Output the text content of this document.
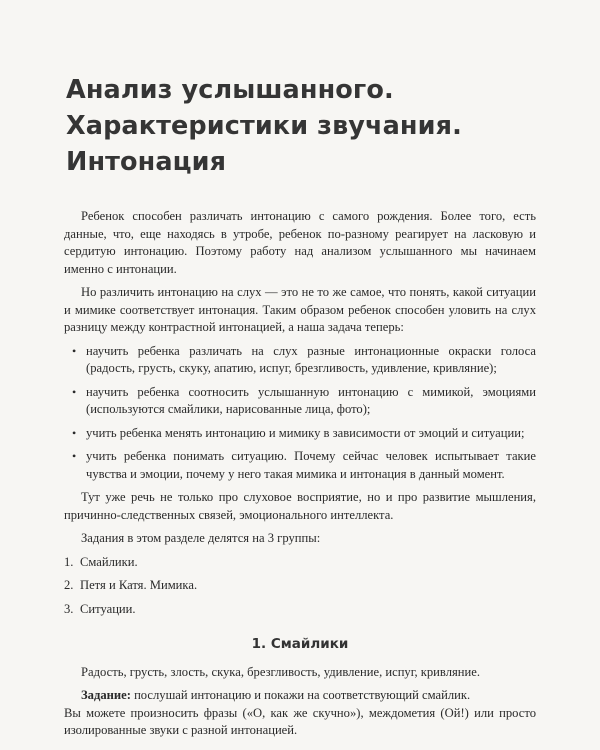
Анализ услышанного.
Характеристики звучания.
Интонация

Ребенок способен различать интонацию с самого рождения. Более того, есть данные, что, еще находясь в утробе, ребенок по-разному реагирует на ласковую и сердитую интонацию. Поэтому работу над анализом услышанного мы начинаем именно с интонации.

Но различить интонацию на слух — это не то же самое, что понять, какой ситуации и мимике соответствует интонация. Таким образом ребенок способен уловить на слух разницу между контрастной интонацией, а наша задача теперь:

• научить ребенка различать на слух разные интонационные окраски голоса (радость, грусть, скуку, апатию, испуг, брезгливость, удивление, кривляние);
• научить ребенка соотносить услышанную интонацию с мимикой, эмоциями (используются смайлики, нарисованные лица, фото);
• учить ребенка менять интонацию и мимику в зависимости от эмоций и ситуации;
• учить ребенка понимать ситуацию. Почему сейчас человек испытывает такие чувства и эмоции, почему у него такая мимика и интонация в данный момент.

Тут уже речь не только про слуховое восприятие, но и про развитие мышления, причинно-следственных связей, эмоционального интеллекта.

Задания в этом разделе делятся на 3 группы:

1. Смайлики.
2. Петя и Катя. Мимика.
3. Ситуации.
1. Смайлики

Радость, грусть, злость, скука, брезгливость, удивление, испуг, кривляние.

Задание: послушай интонацию и покажи на соответствующий смайлик.

Вы можете произносить фразы («О, как же скучно»), междометия (Ой!) или просто изолированные звуки с разной интонацией.
